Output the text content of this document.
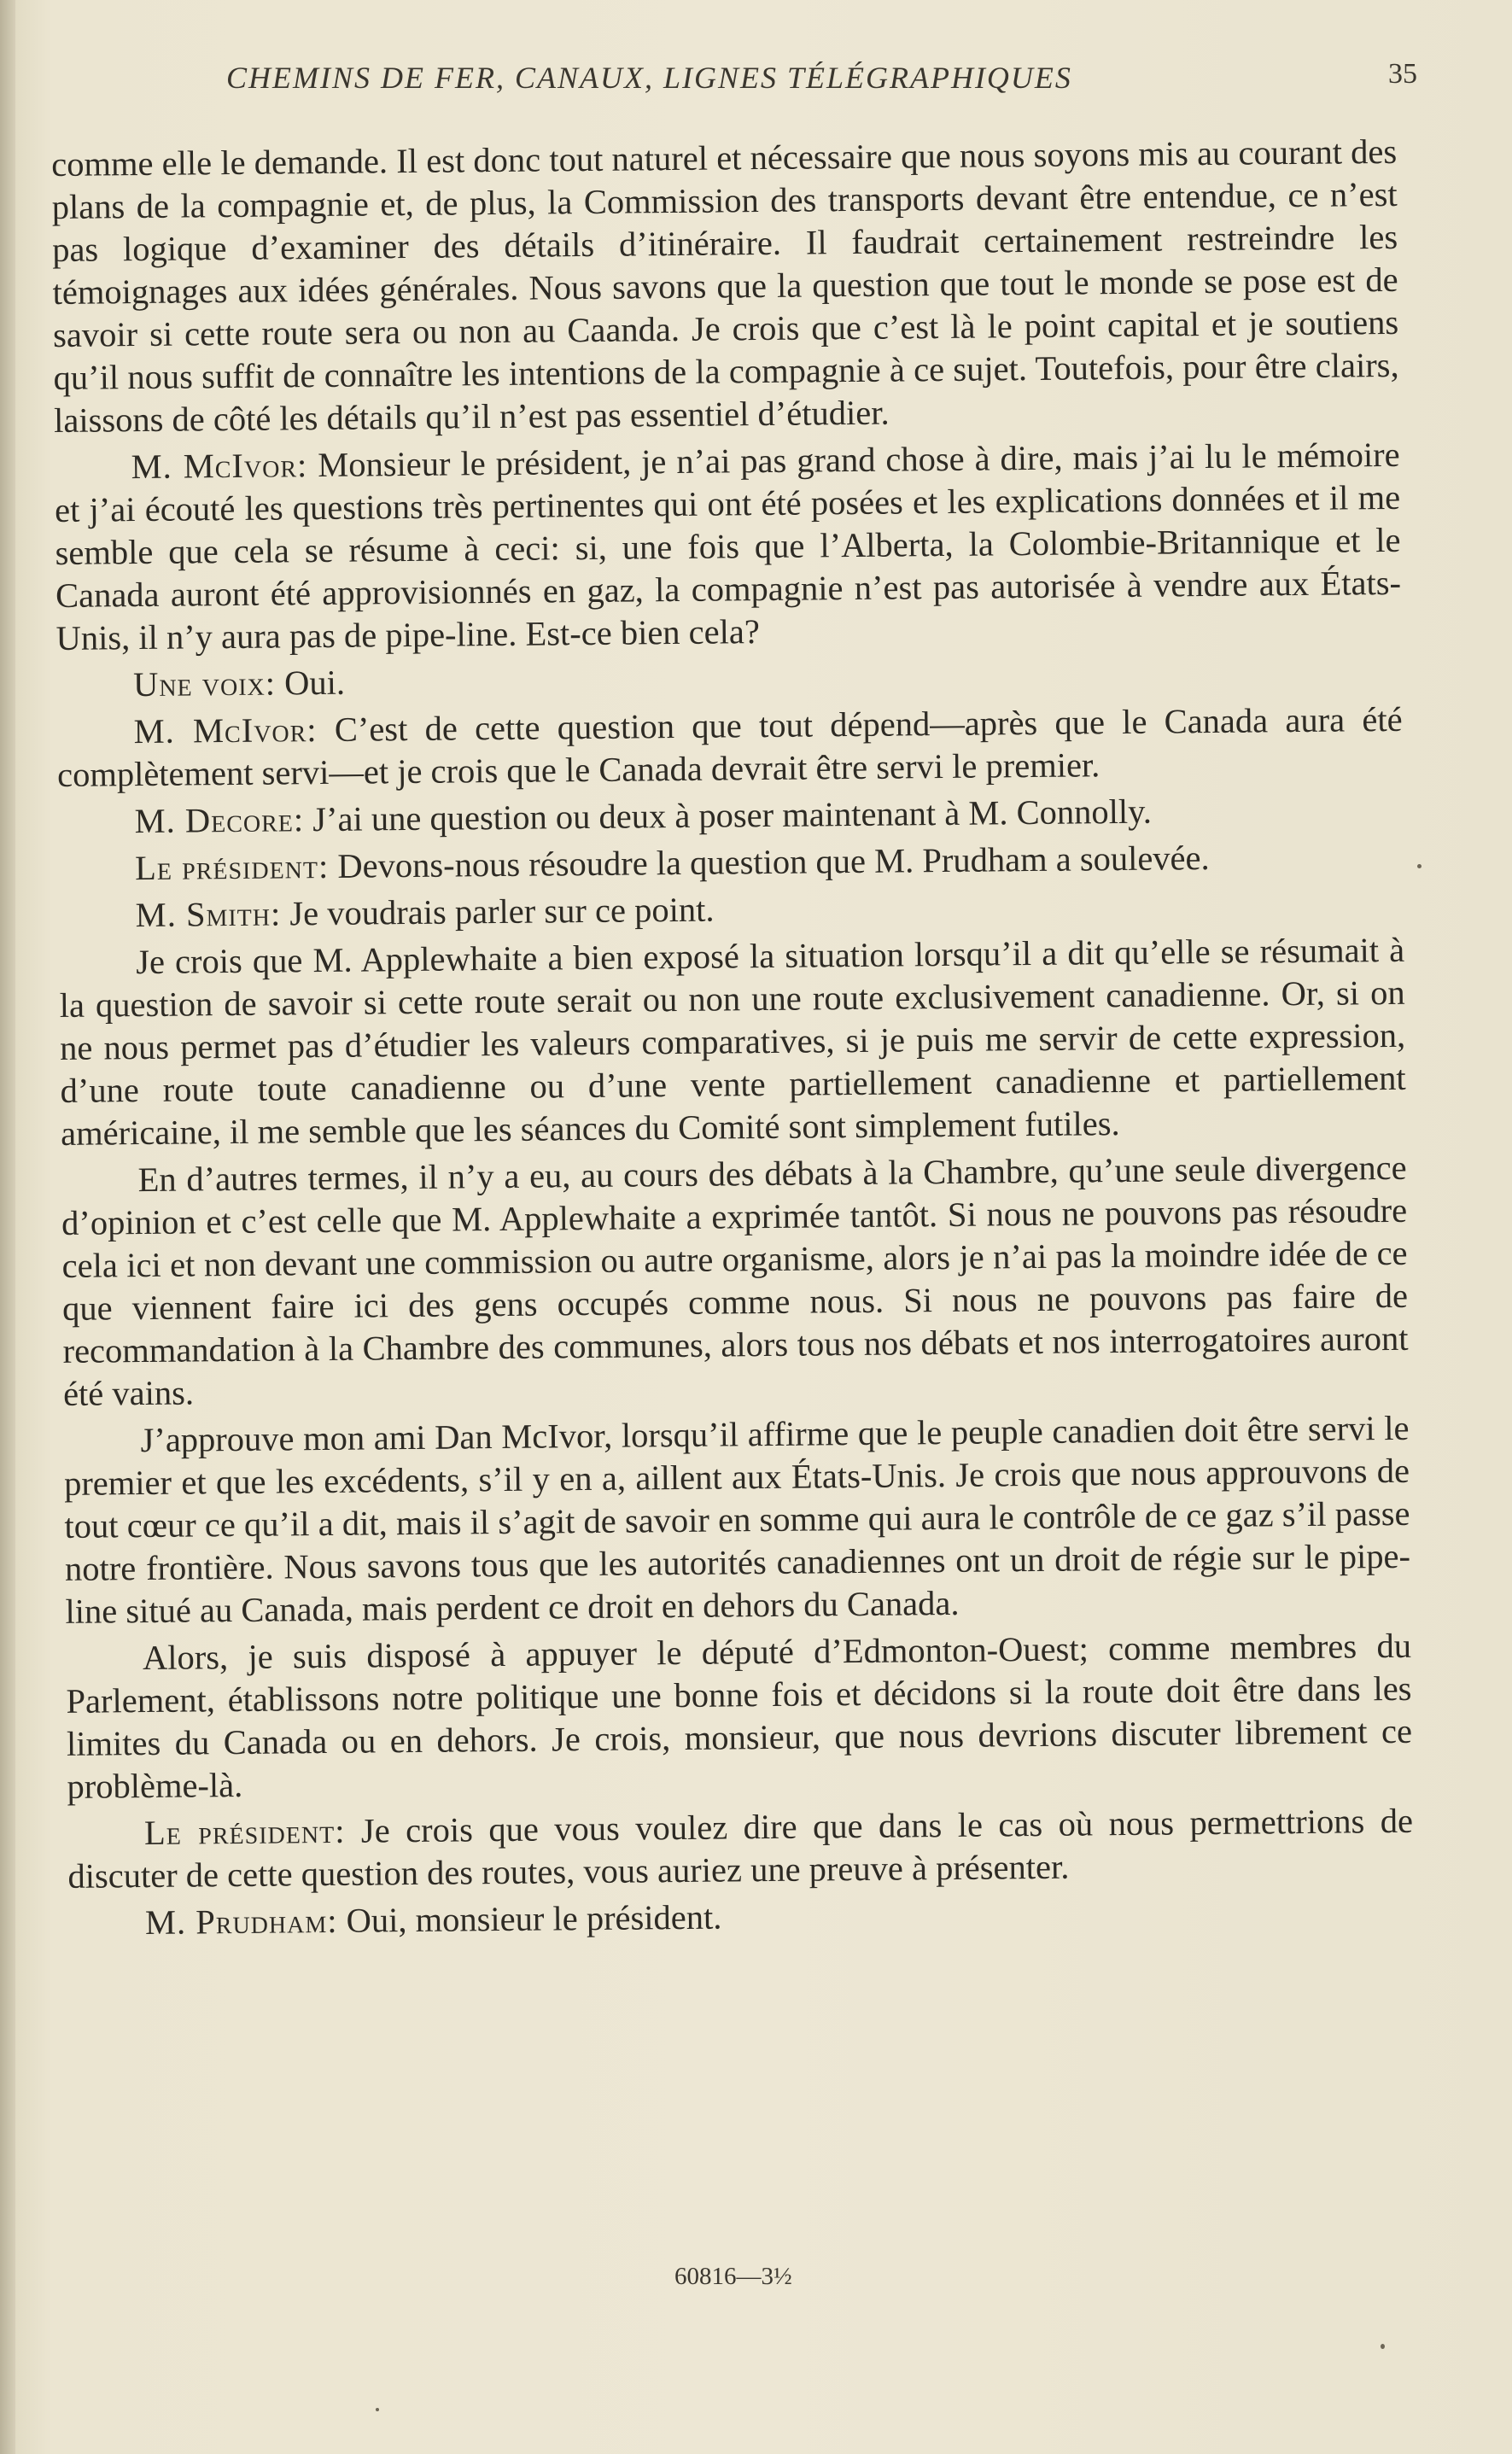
CHEMINS DE FER, CANAUX, LIGNES TÉLÉGRAPHIQUES	35

comme elle le demande. Il est donc tout naturel et nécessaire que nous soyons mis au courant des plans de la compagnie et, de plus, la Commission des transports devant être entendue, ce n’est pas logique d’examiner des détails d’itinéraire. Il faudrait certainement restreindre les témoignages aux idées générales. Nous savons que la question que tout le monde se pose est de savoir si cette route sera ou non au Caanda. Je crois que c’est là le point capital et je soutiens qu’il nous suffit de connaître les intentions de la compagnie à ce sujet. Toutefois, pour être clairs, laissons de côté les détails qu’il n’est pas essentiel d’étudier.

M. McIvor: Monsieur le président, je n’ai pas grand chose à dire, mais j’ai lu le mémoire et j’ai écouté les questions très pertinentes qui ont été posées et les explications données et il me semble que cela se résume à ceci: si, une fois que l’Alberta, la Colombie-Britannique et le Canada auront été approvisionnés en gaz, la compagnie n’est pas autorisée à vendre aux États-Unis, il n’y aura pas de pipe-line. Est-ce bien cela?

Une voix: Oui.

M. McIvor: C’est de cette question que tout dépend—après que le Canada aura été complètement servi—et je crois que le Canada devrait être servi le premier.

M. Decore: J’ai une question ou deux à poser maintenant à M. Connolly.

Le président: Devons-nous résoudre la question que M. Prudham a soulevée.

M. Smith: Je voudrais parler sur ce point.

Je crois que M. Applewhaite a bien exposé la situation lorsqu’il a dit qu’elle se résumait à la question de savoir si cette route serait ou non une route exclusivement canadienne. Or, si on ne nous permet pas d’étudier les valeurs comparatives, si je puis me servir de cette expression, d’une route toute canadienne ou d’une vente partiellement canadienne et partiellement américaine, il me semble que les séances du Comité sont simplement futiles.

En d’autres termes, il n’y a eu, au cours des débats à la Chambre, qu’une seule divergence d’opinion et c’est celle que M. Applewhaite a exprimée tantôt. Si nous ne pouvons pas résoudre cela ici et non devant une commission ou autre organisme, alors je n’ai pas la moindre idée de ce que viennent faire ici des gens occupés comme nous. Si nous ne pouvons pas faire de recommandation à la Chambre des communes, alors tous nos débats et nos interrogatoires auront été vains.

J’approuve mon ami Dan McIvor, lorsqu’il affirme que le peuple canadien doit être servi le premier et que les excédents, s’il y en a, aillent aux États-Unis. Je crois que nous approuvons de tout cœur ce qu’il a dit, mais il s’agit de savoir en somme qui aura le contrôle de ce gaz s’il passe notre frontière. Nous savons tous que les autorités canadiennes ont un droit de régie sur le pipe-line situé au Canada, mais perdent ce droit en dehors du Canada.

Alors, je suis disposé à appuyer le député d’Edmonton-Ouest; comme membres du Parlement, établissons notre politique une bonne fois et décidons si la route doit être dans les limites du Canada ou en dehors. Je crois, monsieur, que nous devrions discuter librement ce problème-là.

Le président: Je crois que vous voulez dire que dans le cas où nous permettrions de discuter de cette question des routes, vous auriez une preuve à présenter.

M. Prudham: Oui, monsieur le président.

60816—3½
